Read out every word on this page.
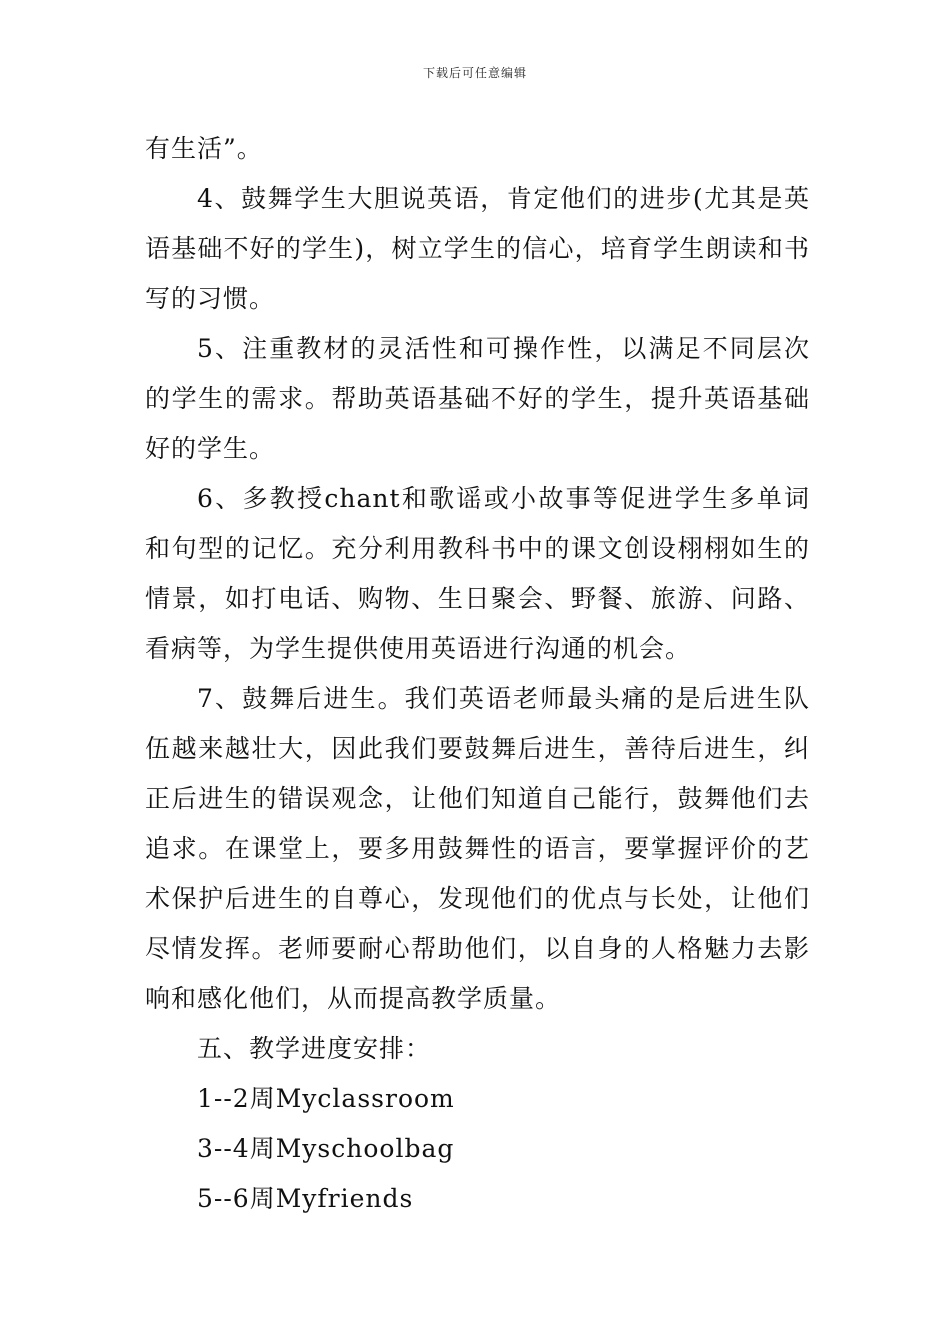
下载后可任意编辑

有生活”。

4、鼓舞学生大胆说英语，肯定他们的进步(尤其是英语基础不好的学生)，树立学生的信心，培育学生朗读和书写的习惯。

5、注重教材的灵活性和可操作性，以满足不同层次的学生的需求。帮助英语基础不好的学生，提升英语基础好的学生。

6、多教授chant和歌谣或小故事等促进学生多单词和句型的记忆。充分利用教科书中的课文创设栩栩如生的情景，如打电话、购物、生日聚会、野餐、旅游、问路、看病等，为学生提供使用英语进行沟通的机会。

7、鼓舞后进生。我们英语老师最头痛的是后进生队伍越来越壮大，因此我们要鼓舞后进生，善待后进生，纠正后进生的错误观念，让他们知道自己能行，鼓舞他们去追求。在课堂上，要多用鼓舞性的语言，要掌握评价的艺术保护后进生的自尊心，发现他们的优点与长处，让他们尽情发挥。老师要耐心帮助他们，以自身的人格魅力去影响和感化他们，从而提高教学质量。

五、教学进度安排：

1--2周Myclassroom

3--4周Myschoolbag

5--6周Myfriends
